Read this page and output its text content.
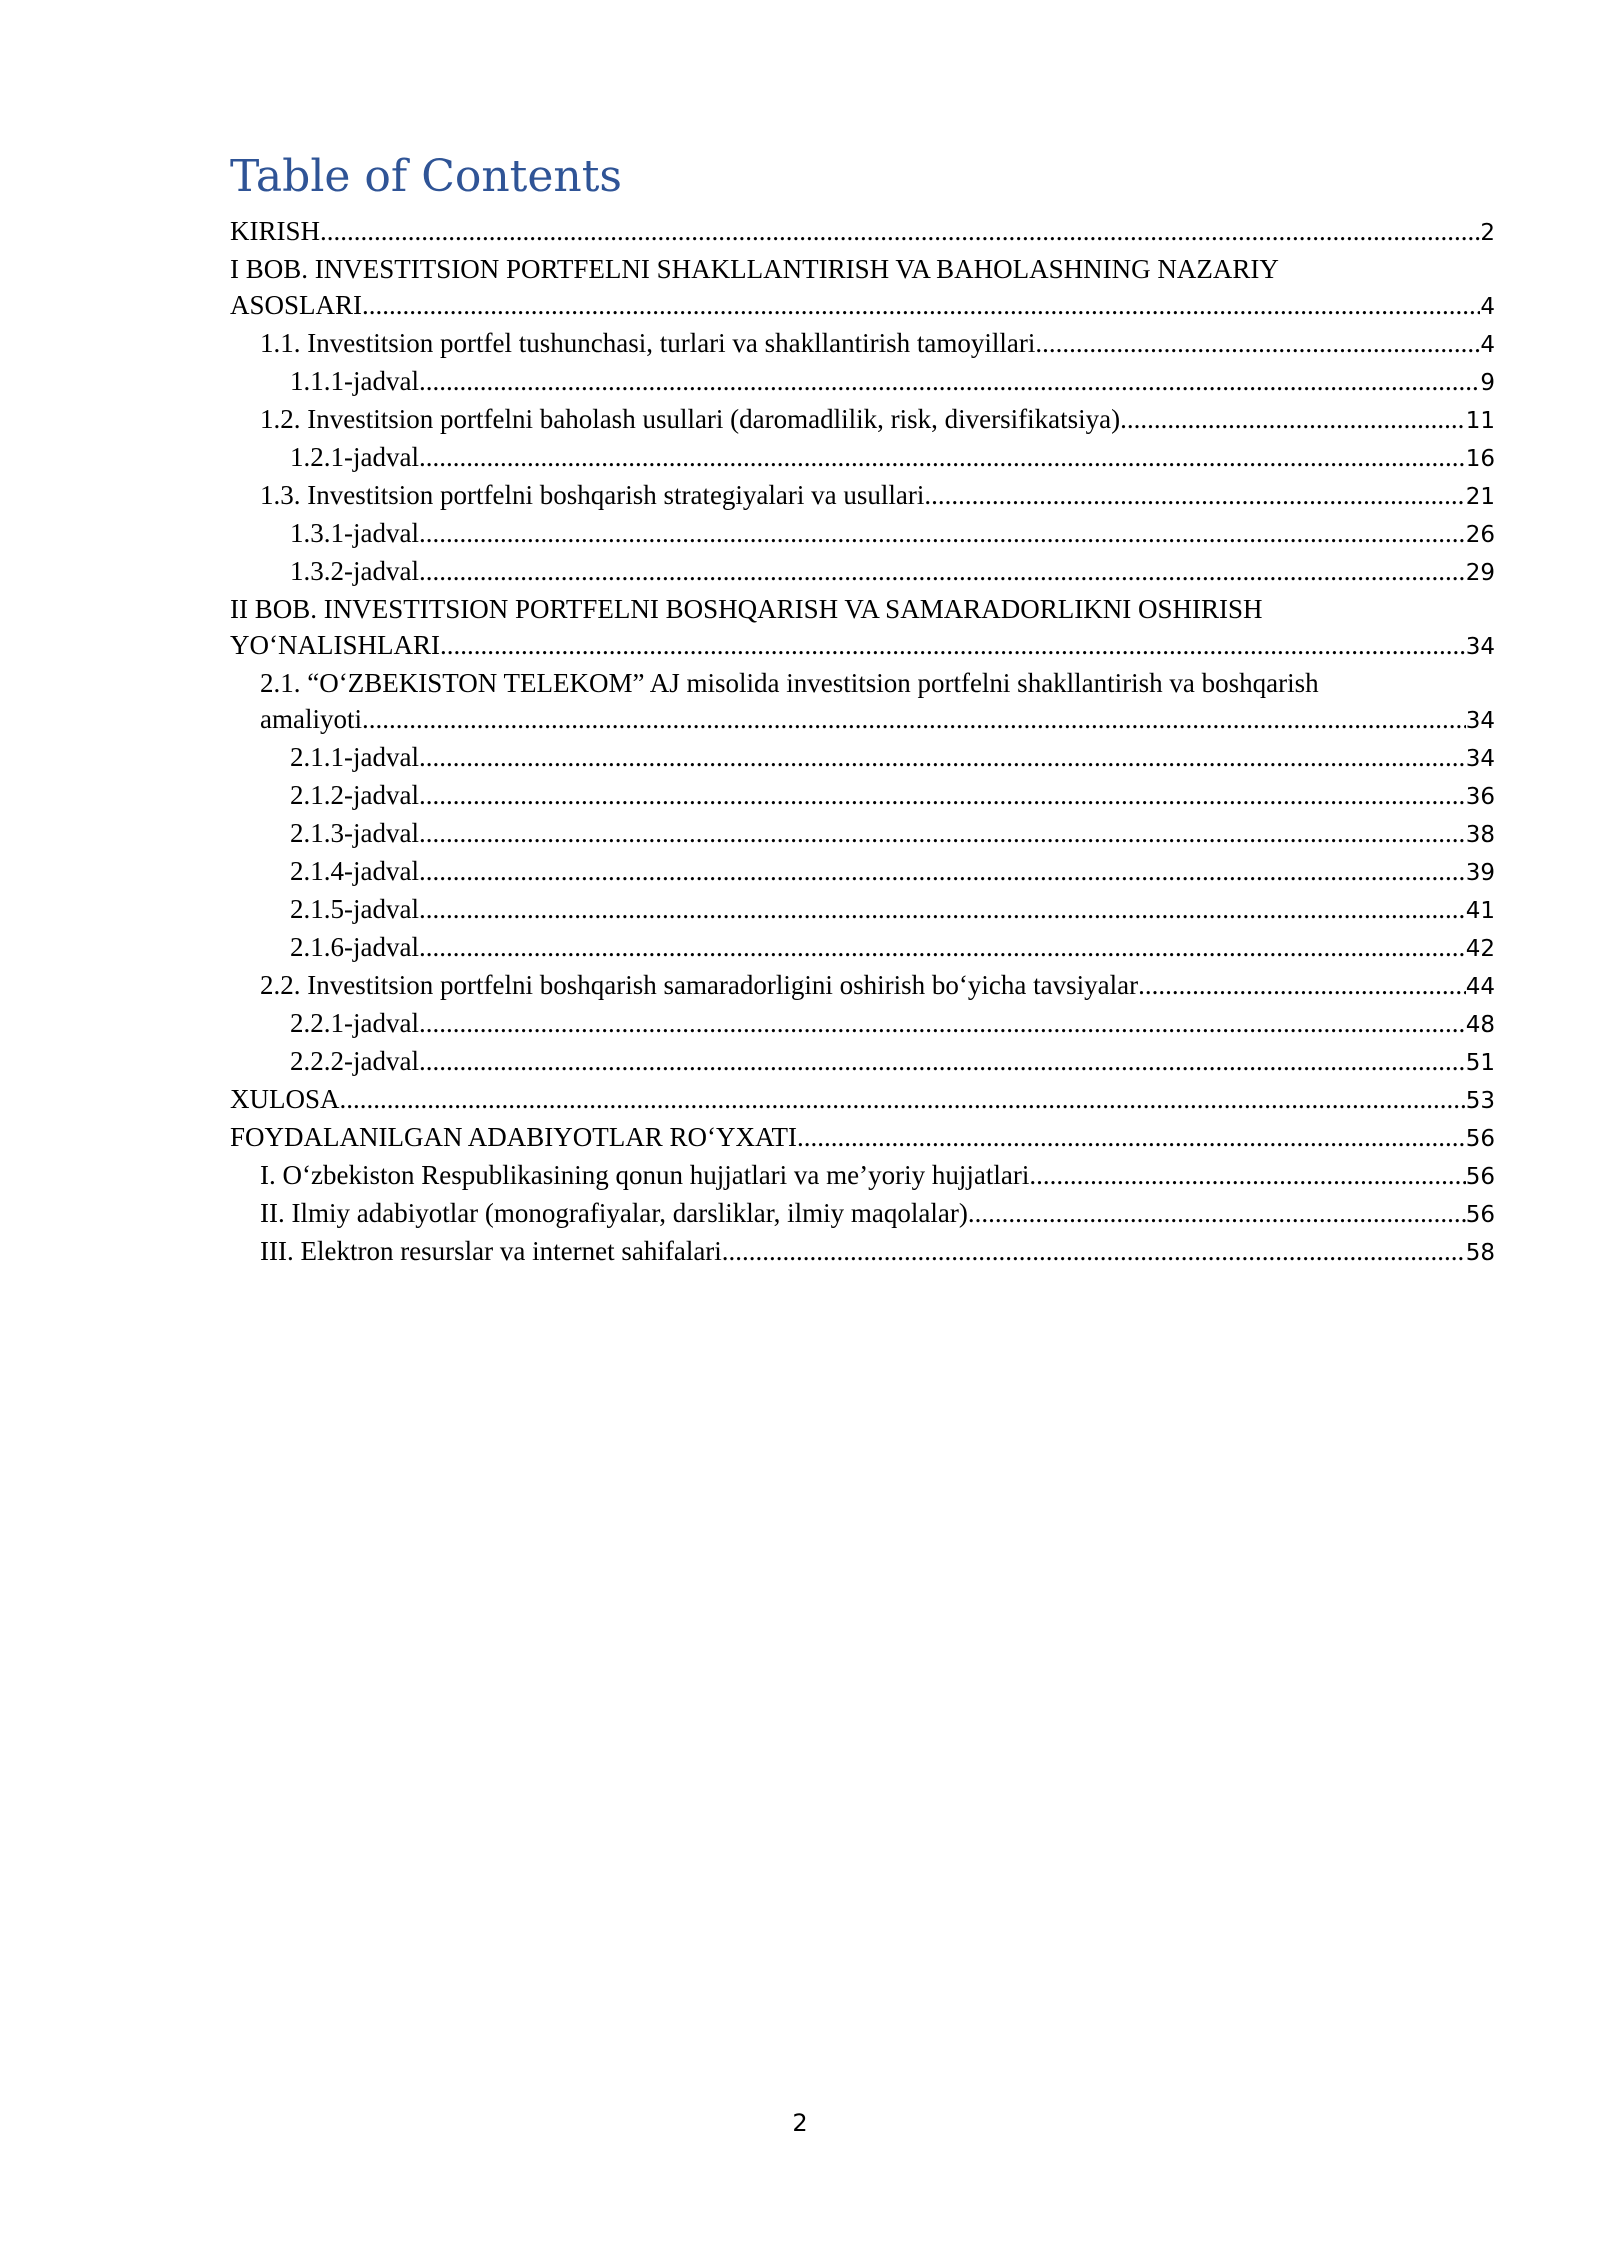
Table of Contents
KIRISH .....	2
I BOB. INVESTITSION PORTFELNI SHAKLLANTIRISH VA BAHOLASHNING NAZARIY
ASOSLARI .....	4
1.1. Investitsion portfel tushunchasi, turlari va shakllantirish tamoyillari .....	4
1.1.1-jadval .....	9
1.2. Investitsion portfelni baholash usullari (daromadlilik, risk, diversifikatsiya) .....	11
1.2.1-jadval .....	16
1.3. Investitsion portfelni boshqarish strategiyalari va usullari .....	21
1.3.1-jadval .....	26
1.3.2-jadval .....	29
II BOB. INVESTITSION PORTFELNI BOSHQARISH VA SAMARADORLIKNI OSHIRISH
YO‘NALISHLARI .....	34
2.1. “O‘ZBEKISTON TELEKOM” AJ misolida investitsion portfelni shakllantirish va boshqarish
amaliyoti .....	34
2.1.1-jadval .....	34
2.1.2-jadval .....	36
2.1.3-jadval .....	38
2.1.4-jadval .....	39
2.1.5-jadval .....	41
2.1.6-jadval .....	42
2.2. Investitsion portfelni boshqarish samaradorligini oshirish bo‘yicha tavsiyalar .....	44
2.2.1-jadval .....	48
2.2.2-jadval .....	51
XULOSA .....	53
FOYDALANILGAN ADABIYOTLAR RO‘YXATI .....	56
I. O‘zbekiston Respublikasining qonun hujjatlari va me’yoriy hujjatlari .....	56
II. Ilmiy adabiyotlar (monografiyalar, darsliklar, ilmiy maqolalar) .....	56
III. Elektron resurslar va internet sahifalari .....	58
2
